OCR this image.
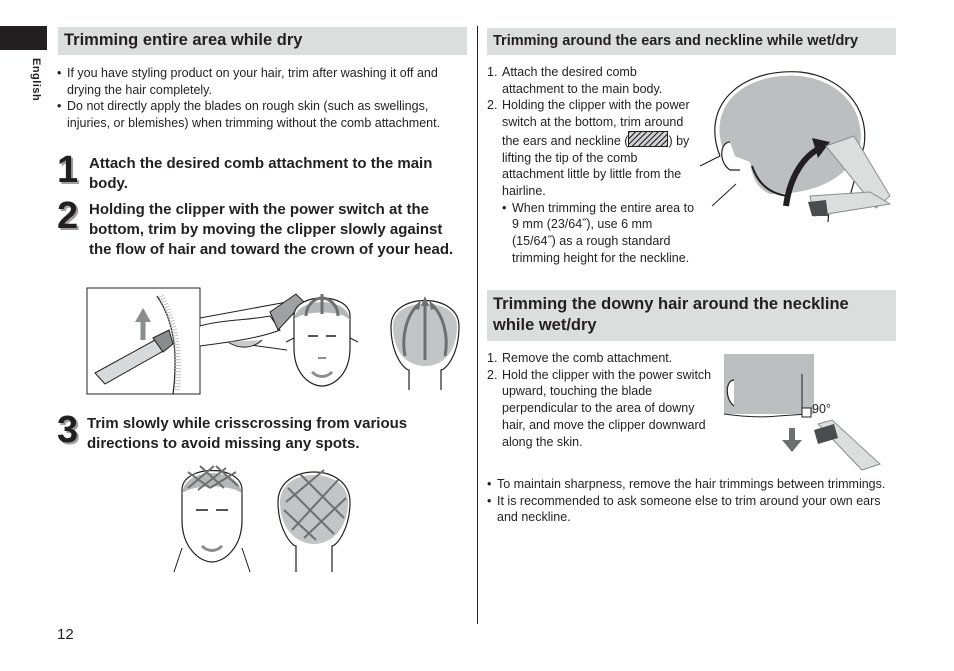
English
Trimming entire area while dry
• If you have styling product on your hair, trim after washing it off and drying the hair completely.
• Do not directly apply the blades on rough skin (such as swellings, injuries, or blemishes) when trimming without the comb attachment.
1 Attach the desired comb attachment to the main body.
2 Holding the clipper with the power switch at the bottom, trim by moving the clipper slowly against the flow of hair and toward the crown of your head.
3 Trim slowly while crisscrossing from various directions to avoid missing any spots.
12
Trimming around the ears and neckline while wet/dry
1. Attach the desired comb attachment to the main body.
2. Holding the clipper with the power switch at the bottom, trim around the ears and neckline (	) by lifting the tip of the comb attachment little by little from the hairline.
• When trimming the entire area to 9 mm (23/64˝), use 6 mm (15/64˝) as a rough standard trimming height for the neckline.
Trimming the downy hair around the neckline while wet/dry
1. Remove the comb attachment.
2. Hold the clipper with the power switch upward, touching the blade perpendicular to the area of downy hair, and move the clipper downward along the skin.
90°
• To maintain sharpness, remove the hair trimmings between trimmings.
• It is recommended to ask someone else to trim around your own ears and neckline.
